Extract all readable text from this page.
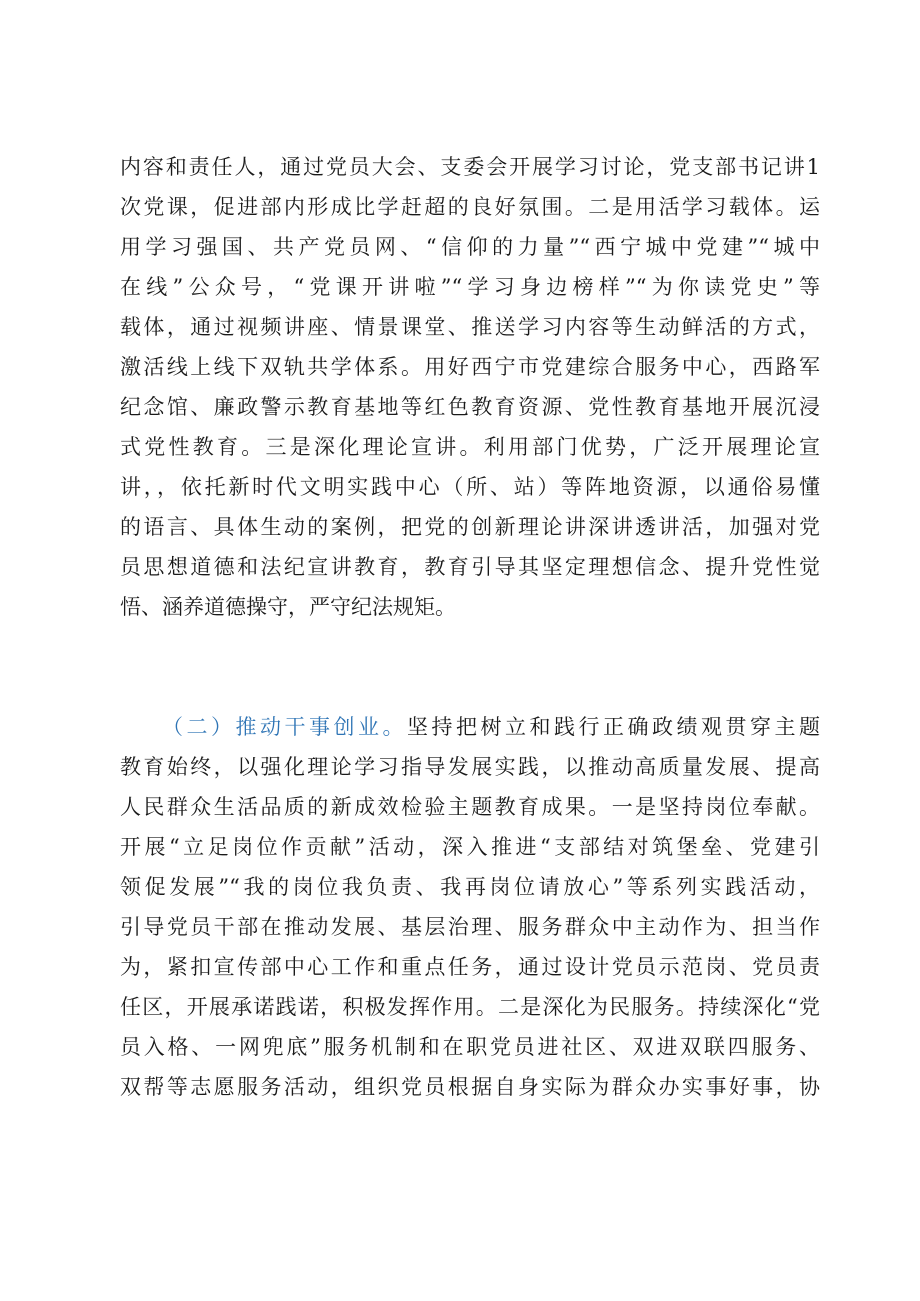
内容和责任人，通过党员大会、支委会开展学习讨论，党支部书记讲1
次党课，促进部内形成比学赶超的良好氛围。二是用活学习载体。运
用学习强国、共产党员网、“信仰的力量”“西宁城中党建”“城中
在线”公众号，“党课开讲啦”“学习身边榜样”“为你读党史”等
载体，通过视频讲座、情景课堂、推送学习内容等生动鲜活的方式，
激活线上线下双轨共学体系。用好西宁市党建综合服务中心，西路军
纪念馆、廉政警示教育基地等红色教育资源、党性教育基地开展沉浸
式党性教育。三是深化理论宣讲。利用部门优势，广泛开展理论宣
讲，，依托新时代文明实践中心（所、站）等阵地资源，以通俗易懂
的语言、具体生动的案例，把党的创新理论讲深讲透讲活，加强对党
员思想道德和法纪宣讲教育，教育引导其坚定理想信念、提升党性觉
悟、涵养道德操守，严守纪法规矩。
（二）推动干事创业。坚持把树立和践行正确政绩观贯穿主题
教育始终，以强化理论学习指导发展实践，以推动高质量发展、提高
人民群众生活品质的新成效检验主题教育成果。一是坚持岗位奉献。
开展“立足岗位作贡献”活动，深入推进“支部结对筑堡垒、党建引
领促发展”“我的岗位我负责、我再岗位请放心”等系列实践活动，
引导党员干部在推动发展、基层治理、服务群众中主动作为、担当作
为，紧扣宣传部中心工作和重点任务，通过设计党员示范岗、党员责
任区，开展承诺践诺，积极发挥作用。二是深化为民服务。持续深化“党
员入格、一网兜底”服务机制和在职党员进社区、双进双联四服务、
双帮等志愿服务活动，组织党员根据自身实际为群众办实事好事，协
